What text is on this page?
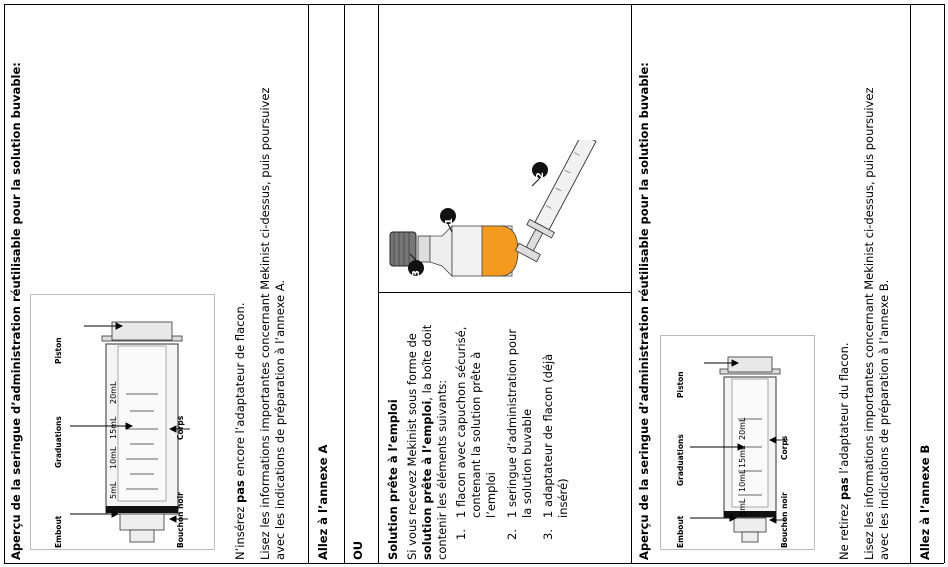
Aperçu de la seringue d’administration réutilisable pour la solution buvable:	Piston
Graduations	Corps
Embout	Bouchon noir
20mL
15mL
10mL
5mL

N’insérez pas encore l’adaptateur de flacon. Lisez les informations importantes concernant Mekinist ci-dessus, puis poursuivez avec les indications de préparation à l’annexe A.	Allez à l’annexe A OU Solution prête à l’emploi Si vous recevez Mekinist sous forme de solution prête à l’emploi, la boîte doit

contenir les éléments suivants: 1.
1 flacon avec capuchon sécurisé, contenant la solution prête à l’emploi
2.
1 seringue d’administration pour la solution buvable
3.
1 adaptateur de flacon (déjà inséré)
1
2
3	Aperçu de la seringue d’administration réutilisable pour la solution buvable:	Piston
Graduations	Corps
Embout	Bouchon noir
20mL
15mL
10mL
5mL	Ne retirez pas l’adaptateur du flacon. Lisez les informations importantes concernant Mekinist ci-dessus, puis poursuivez avec les indications de préparation à l’annexe B. Allez à l’annexe B
